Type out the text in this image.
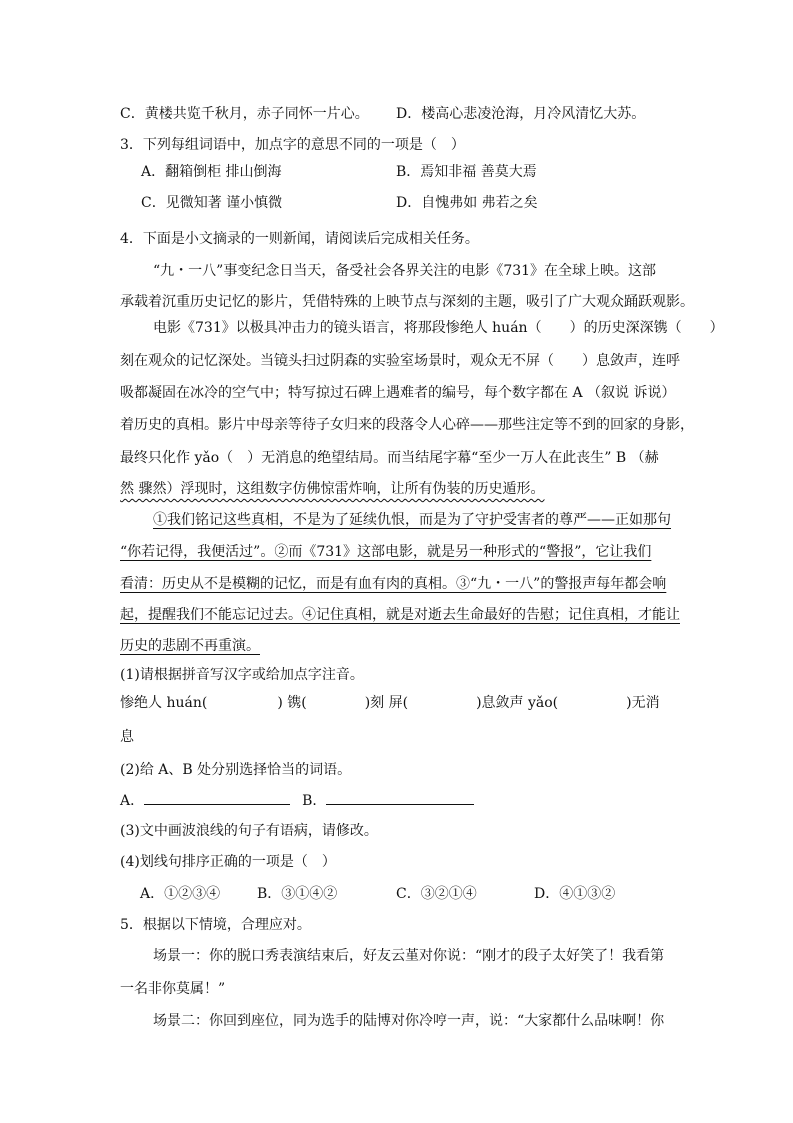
C．黄楼共览千秋月，赤子同怀一片心。 D．楼高心悲凌沧海，月冷风清忆大苏。
3．下列每组词语中，加点字的意思不同的一项是（　）
A．翻箱倒柜 排山倒海	B．焉知非福 善莫大焉
C．见微知著 谨小慎微	D．自愧弗如 弗若之矣
4．下面是小文摘录的一则新闻，请阅读后完成相关任务。
“九・一八”事变纪念日当天，备受社会各界关注的电影《731》在全球上映。这部
承载着沉重历史记忆的影片，凭借特殊的上映节点与深刻的主题，吸引了广大观众踊跃观影。
电影《731》以极具冲击力的镜头语言，将那段惨绝人 huán（　　）的历史深深镌（　　）
刻在观众的记忆深处。当镜头扫过阴森的实验室场景时，观众无不屏（　　）息敛声，连呼
吸都凝固在冰冷的空气中；特写掠过石碑上遇难者的编号，每个数字都在 A （叙说 诉说）
着历史的真相。影片中母亲等待子女归来的段落令人心碎——那些注定等不到的回家的身影，
最终只化作 yǎo（　）无消息的绝望结局。而当结尾字幕“至少一万人在此丧生” B （赫
然 骤然）浮现时，这组数字仿佛惊雷炸响，让所有伪装的历史遁形。
①我们铭记这些真相，不是为了延续仇恨，而是为了守护受害者的尊严——正如那句
“你若记得，我便活过”。②而《731》这部电影，就是另一种形式的“警报”，它让我们
看清：历史从不是模糊的记忆，而是有血有肉的真相。③“九・一八”的警报声每年都会响
起，提醒我们不能忘记过去。④记住真相，就是对逝去生命最好的告慰；记住真相，才能让
历史的悲剧不再重演。
(1)请根据拼音写汉字或给加点字注音。
惨绝人 huán(	) 镌(	)刻 屏(	)息敛声 yǎo(	)无消
息
(2)给 A、B 处分别选择恰当的词语。
A．	B．
(3)文中画波浪线的句子有语病，请修改。
(4)划线句排序正确的一项是（　）
A．①②③④	B．③①④②	C．③②①④	D．④①③②
5．根据以下情境，合理应对。
场景一：你的脱口秀表演结束后，好友云堇对你说：“刚才的段子太好笑了！我看第
一名非你莫属！”
场景二：你回到座位，同为选手的陆博对你冷哼一声，说：“大家都什么品味啊！你
